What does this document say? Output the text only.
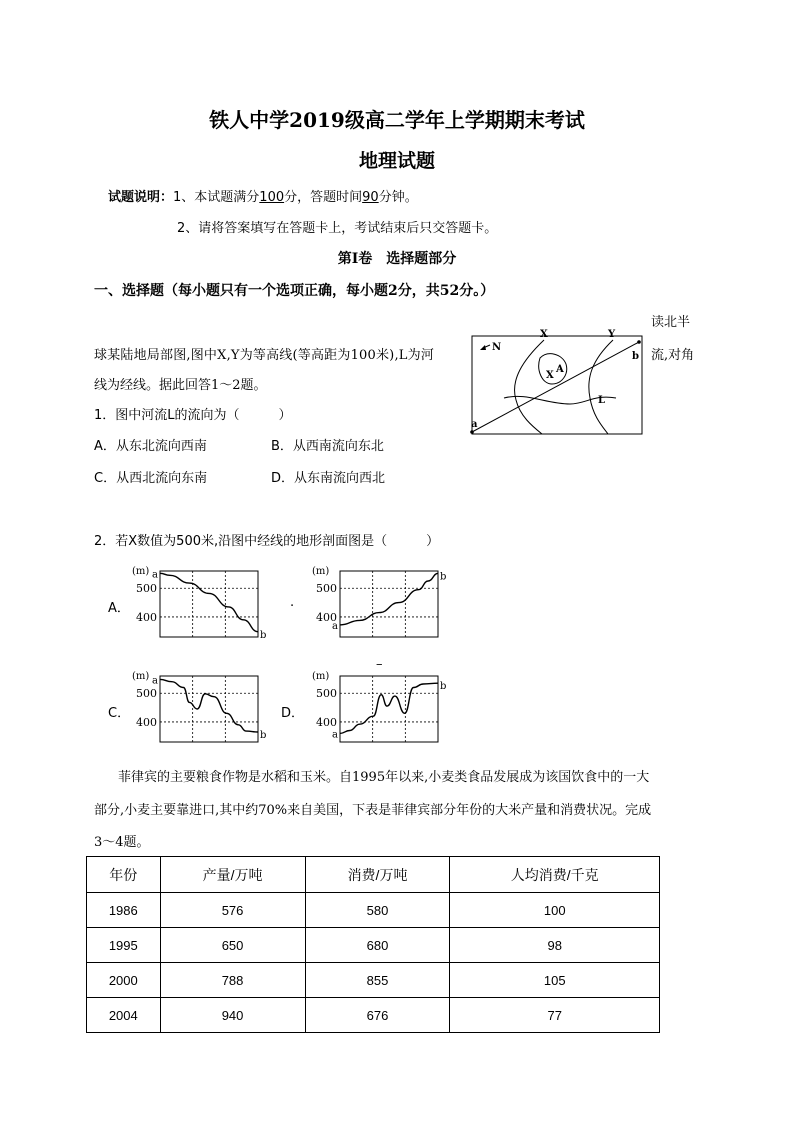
铁人中学2019级高二学年上学期期末考试
地理试题
试题说明：1、本试题满分100分，答题时间90分钟。
2、请将答案填写在答题卡上，考试结束后只交答题卡。
第Ⅰ卷　选择题部分
一、选择题（每小题只有一个选项正确，每小题2分，共52分。）
读北半
球某陆地局部图,图中X,Y为等高线(等高距为100米),L为河	流,对角
线为经线。据此回答1～2题。
N
X	Y
X
A
L
b
a
1．图中河流L的流向为（　　　）
A．从东北流向西南	B．从西南流向东北
C．从西北流向东南	D．从东南流向西北
2．若X数值为500米,沿图中经线的地形剖面图是（　　　）
A．	.
C．	D．
–
500
400
(m) a
b
500
400
(m)
a
b
500
400
(m) a
b
500
400
(m)
a
b
菲律宾的主要粮食作物是水稻和玉米。自1995年以来,小麦类食品发展成为该国饮食中的一大
部分,小麦主要靠进口,其中约70%来自美国，下表是菲律宾部分年份的大米产量和消费状况。完成
3～4题。
年份	产量/万吨	消费/万吨	人均消费/千克
1986	576	580	100
1995	650	680	98
2000	788	855	105
2004	940	676	77
